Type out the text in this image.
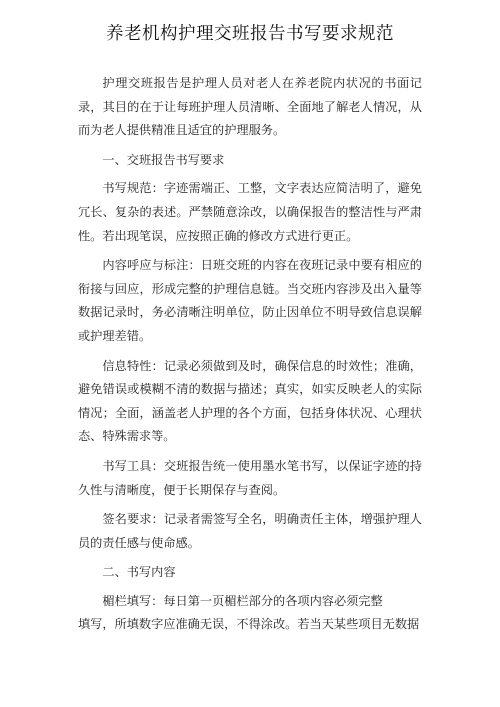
养老机构护理交班报告书写要求规范

护理交班报告是护理人员对老人在养老院内状况的书面记录，其目的在于让每班护理人员清晰、全面地了解老人情况，从而为老人提供精准且适宜的护理服务。

一、交班报告书写要求

书写规范：字迹需端正、工整，文字表达应简洁明了，避免冗长、复杂的表述。严禁随意涂改，以确保报告的整洁性与严肃性。若出现笔误，应按照正确的修改方式进行更正。

内容呼应与标注：日班交班的内容在夜班记录中要有相应的衔接与回应，形成完整的护理信息链。当交班内容涉及出入量等数据记录时，务必清晰注明单位，防止因单位不明导致信息误解或护理差错。

信息特性：记录必须做到及时，确保信息的时效性；准确，避免错误或模糊不清的数据与描述；真实，如实反映老人的实际情况；全面，涵盖老人护理的各个方面，包括身体状况、心理状态、特殊需求等。

书写工具：交班报告统一使用墨水笔书写，以保证字迹的持久性与清晰度，便于长期保存与查阅。

签名要求：记录者需签写全名，明确责任主体，增强护理人员的责任感与使命感。

二、书写内容

楣栏填写：每日第一页楣栏部分的各项内容必须完整

填写，所填数字应准确无误，不得涂改。若当天某些项目无数据
